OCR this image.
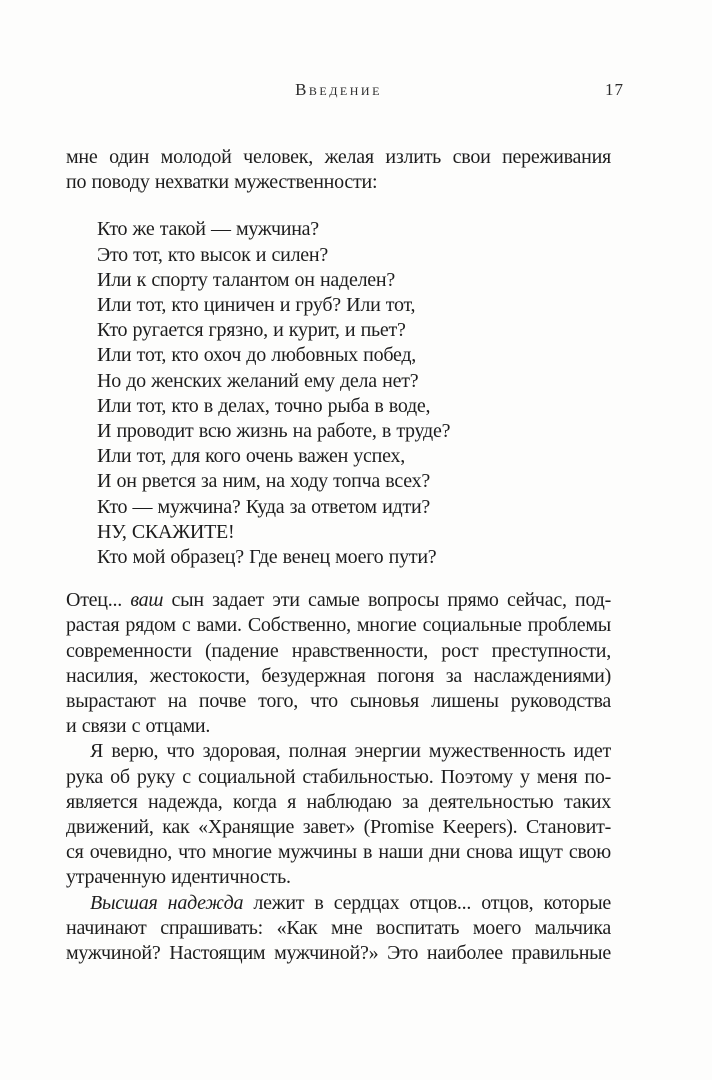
Введение	17
мне один молодой человек, желая излить свои переживания
по поводу нехватки мужественности:
Кто же такой — мужчина?
Это тот, кто высок и силен?
Или к спорту талантом он наделен?
Или тот, кто циничен и груб? Или тот,
Кто ругается грязно, и курит, и пьет?
Или тот, кто охоч до любовных побед,
Но до женских желаний ему дела нет?
Или тот, кто в делах, точно рыба в воде,
И проводит всю жизнь на работе, в труде?
Или тот, для кого очень важен успех,
И он рвется за ним, на ходу топча всех?
Кто — мужчина? Куда за ответом идти?
НУ, СКАЖИТЕ!
Кто мой образец? Где венец моего пути?
Отец... ваш сын задает эти самые вопросы прямо сейчас, под-
растая рядом с вами. Собственно, многие социальные проблемы
современности (падение нравственности, рост преступности,
насилия, жестокости, безудержная погоня за наслаждениями)
вырастают на почве того, что сыновья лишены руководства
и связи с отцами.
Я верю, что здоровая, полная энергии мужественность идет
рука об руку с социальной стабильностью. Поэтому у меня по-
является надежда, когда я наблюдаю за деятельностью таких
движений, как «Хранящие завет» (Promise Keepers). Становит-
ся очевидно, что многие мужчины в наши дни снова ищут свою
утраченную идентичность.
Высшая надежда лежит в сердцах отцов... отцов, которые
начинают спрашивать: «Как мне воспитать моего мальчика
мужчиной? Настоящим мужчиной?» Это наиболее правильные
